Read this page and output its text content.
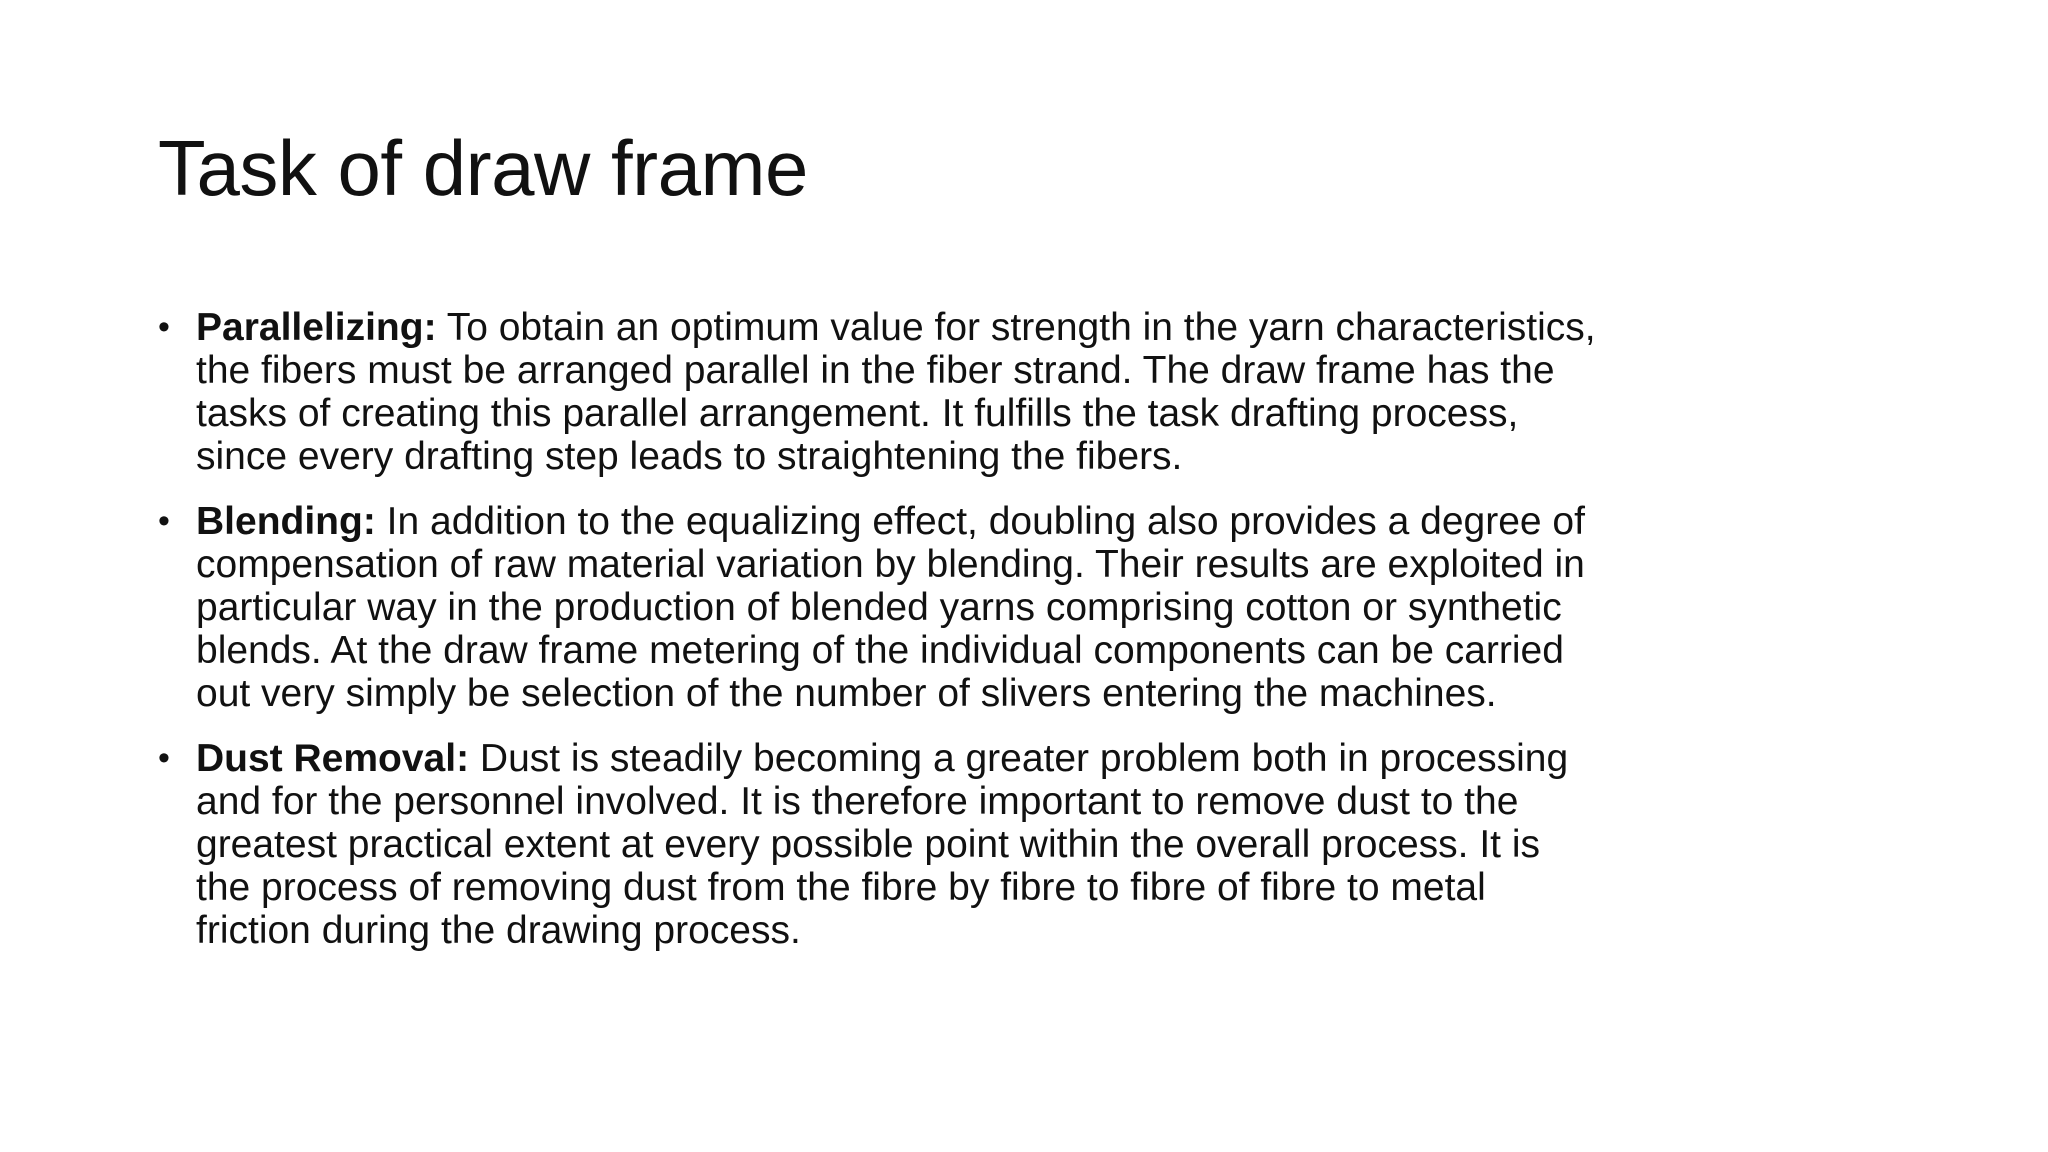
Task of draw frame
• Parallelizing: To obtain an optimum value for strength in the yarn characteristics,
the fibers must be arranged parallel in the fiber strand. The draw frame has the
tasks of creating this parallel arrangement. It fulfills the task drafting process,
since every drafting step leads to straightening the fibers.
• Blending: In addition to the equalizing effect, doubling also provides a degree of
compensation of raw material variation by blending. Their results are exploited in
particular way in the production of blended yarns comprising cotton or synthetic
blends. At the draw frame metering of the individual components can be carried
out very simply be selection of the number of slivers entering the machines.
• Dust Removal: Dust is steadily becoming a greater problem both in processing
and for the personnel involved. It is therefore important to remove dust to the
greatest practical extent at every possible point within the overall process. It is
the process of removing dust from the fibre by fibre to fibre of fibre to metal
friction during the drawing process.
